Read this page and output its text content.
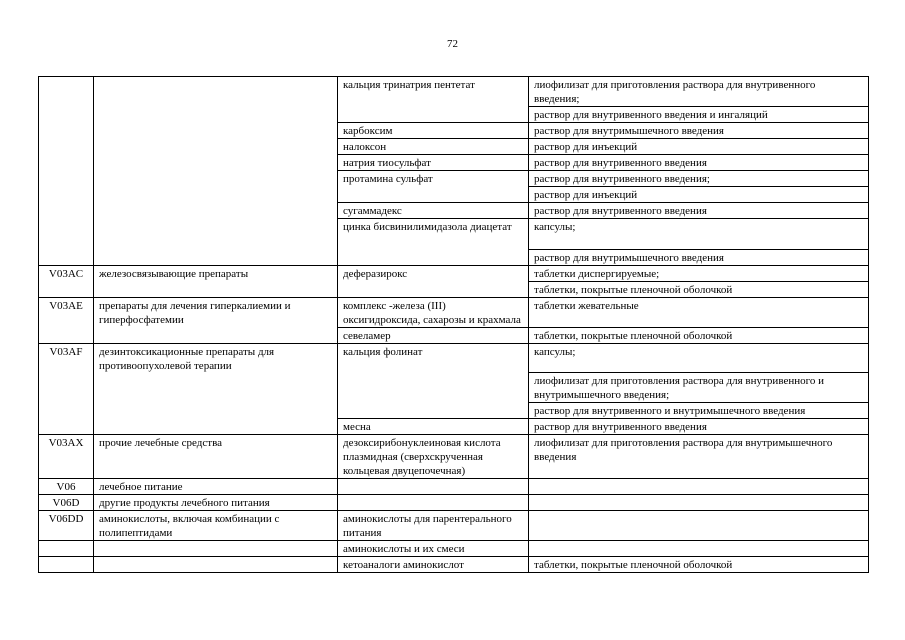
72
		кальция тринатрия пентетат	лиофилизат для приготовления раствора для внутривенного введения;
			раствор для внутривенного введения и ингаляций
		карбоксим	раствор для внутримышечного введения
		налоксон	раствор для инъекций
		натрия тиосульфат	раствор для внутривенного введения
		протамина сульфат	раствор для внутривенного введения;
			раствор для инъекций
		сугаммадекс	раствор для внутривенного введения
		цинка бисвинилимидазола диацетат	капсулы;
			раствор для внутримышечного введения
V03AC	железосвязывающие препараты	деферазирокс	таблетки диспергируемые;
			таблетки, покрытые пленочной оболочкой
V03AE	препараты для лечения гиперкалиемии и гиперфосфатемии	комплекс -железа (III) оксигидроксида, сахарозы и крахмала	таблетки жевательные
		севеламер	таблетки, покрытые пленочной оболочкой
V03AF	дезинтоксикационные препараты для противоопухолевой терапии	кальция фолинат	капсулы;
			лиофилизат для приготовления раствора для внутривенного и внутримышечного введения;
			раствор для внутривенного и внутримышечного введения
		месна	раствор для внутривенного введения
V03AX	прочие лечебные средства	дезоксирибонуклеиновая кислота плазмидная (сверхскрученная кольцевая двуцепочечная)	лиофилизат для приготовления раствора для внутримышечного введения
V06	лечебное питание		
V06D	другие продукты лечебного питания		
V06DD	аминокислоты, включая комбинации с полипептидами	аминокислоты для парентерального питания	
		аминокислоты и их смеси	
		кетоаналоги аминокислот	таблетки, покрытые пленочной оболочкой
